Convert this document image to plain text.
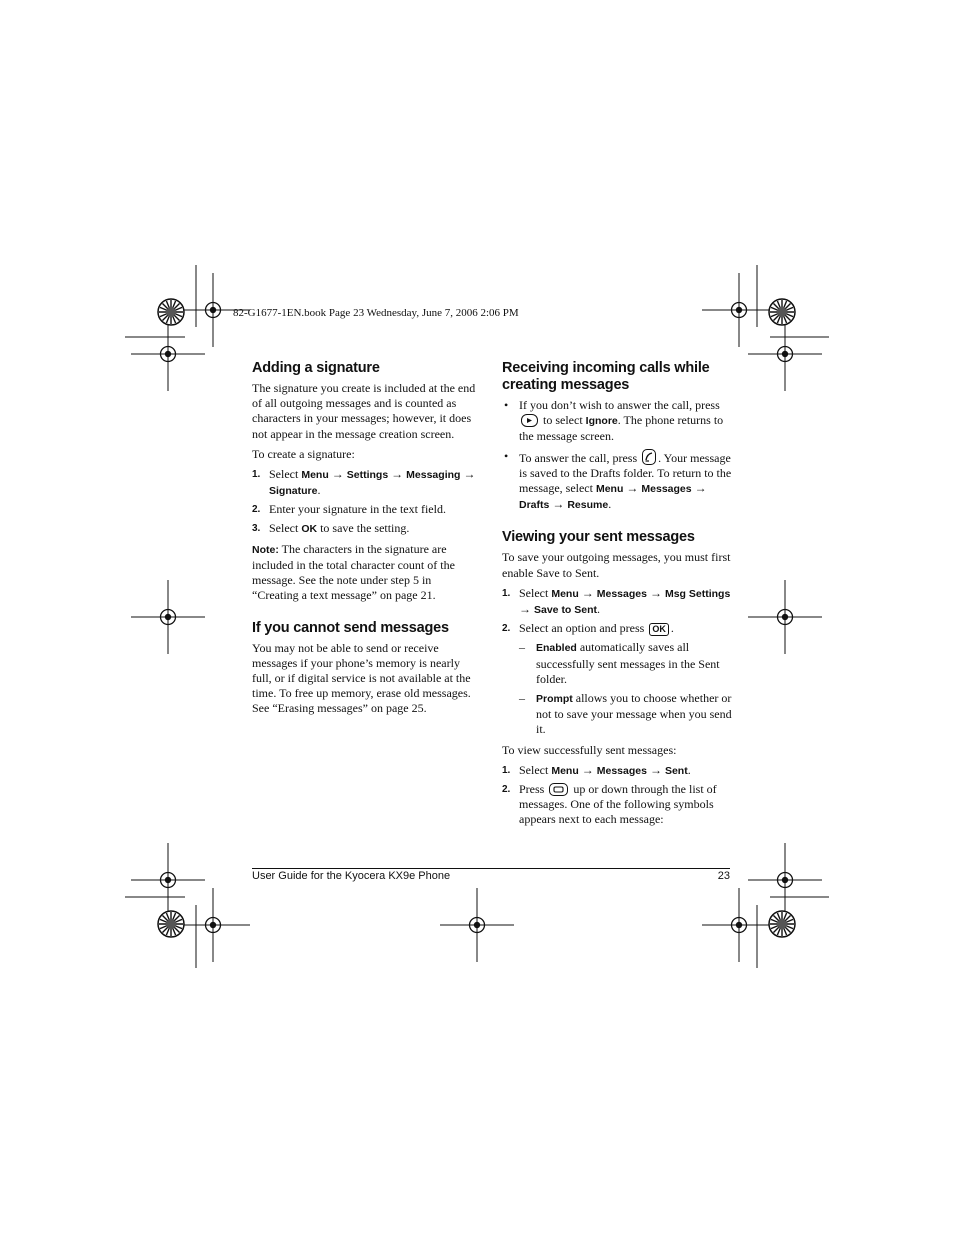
82-G1677-1EN.book Page 23 Wednesday, June 7, 2006 2:06 PM
Adding a signature

The signature you create is included at the end of all outgoing messages and is counted as characters in your messages; however, it does not appear in the message creation screen.

To create a signature:

1. Select Menu → Settings → Messaging → Signature.
2. Enter your signature in the text field.
3. Select OK to save the setting.

Note: The characters in the signature are included in the total character count of the message. See the note under step 5 in “Creating a text message” on page 21.

If you cannot send messages

You may not be able to send or receive messages if your phone’s memory is nearly full, or if digital service is not available at the time. To free up memory, erase old messages. See “Erasing messages” on page 25.

Receiving incoming calls while creating messages
• If you don’t wish to answer the call, press
to select Ignore. The phone returns to the message screen.
• To answer the call, press
. Your message is saved to the Drafts folder. To return to the message, select Menu → Messages → Drafts → Resume.
Viewing your sent messages

To save your outgoing messages, you must first enable Save to Sent.

1. Select Menu → Messages → Msg Settings → Save to Sent.
2. Select an option and press OK .
– Enabled automatically saves all successfully sent messages in the Sent folder.
– Prompt allows you to choose whether or not to save your message when you send it.

To view successfully sent messages:

1. Select Menu → Messages → Sent.
2. Press
up or down through the list of messages. One of the following symbols appears next to each message:
User Guide for the Kyocera KX9e Phone	23
